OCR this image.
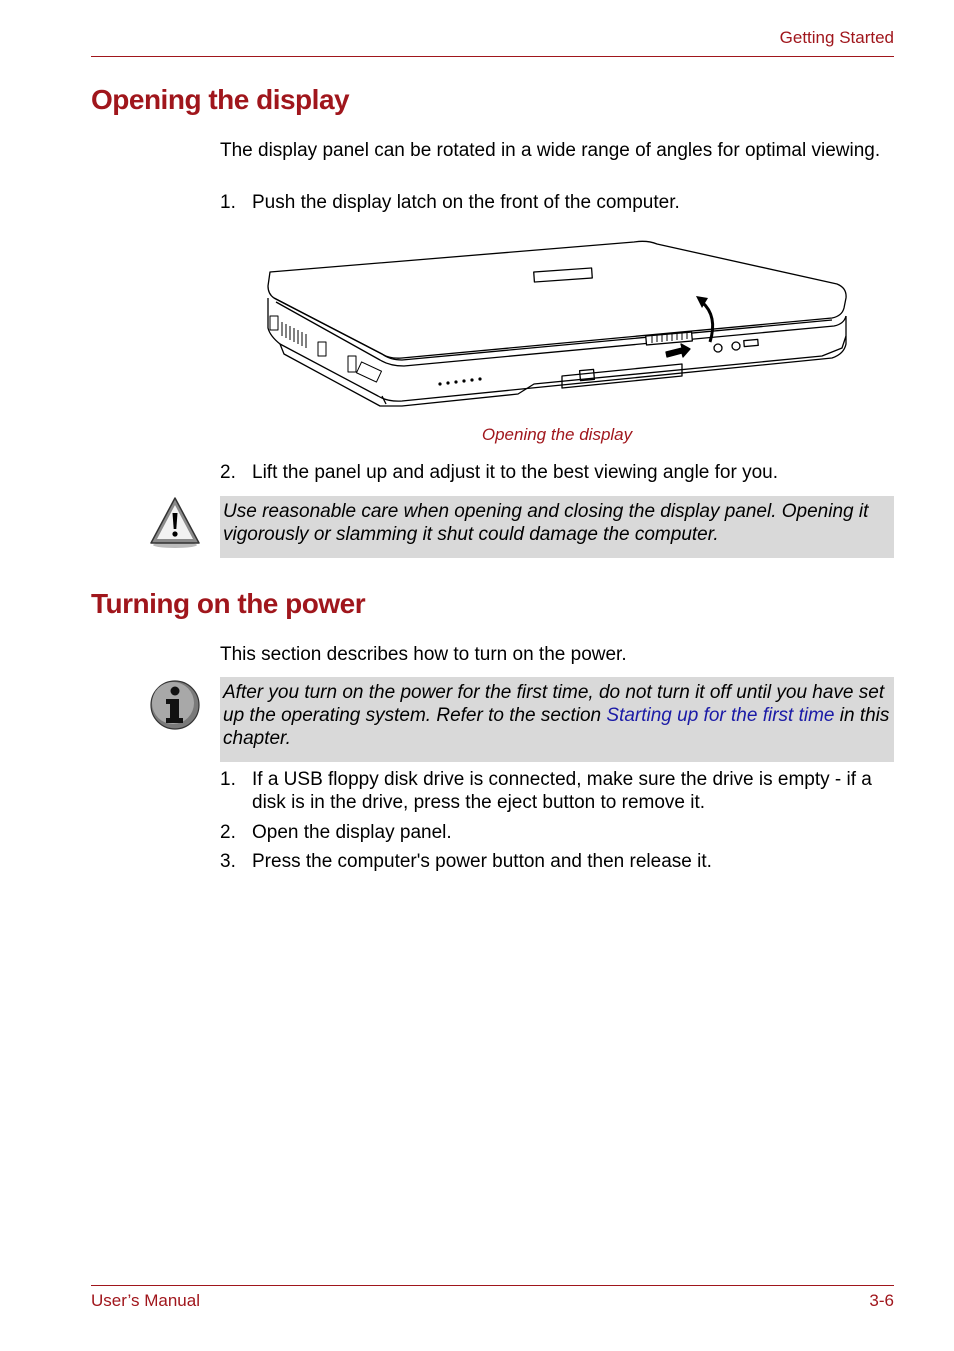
Getting Started
Opening the display

The display panel can be rotated in a wide range of angles for optimal viewing.

1. Push the display latch on the front of the computer.
Opening the display
2. Lift the panel up and adjust it to the best viewing angle for you.
Use reasonable care when opening and closing the display panel. Opening it vigorously or slamming it shut could damage the computer.
Turning on the power

This section describes how to turn on the power.

After you turn on the power for the first time, do not turn it off until you have set up the operating system. Refer to the section Starting up for the first time in this chapter.
1. If a USB floppy disk drive is connected, make sure the drive is empty - if a disk is in the drive, press the eject button to remove it.
2. Open the display panel.
3. Press the computer's power button and then release it.
User’s Manual	3-6
